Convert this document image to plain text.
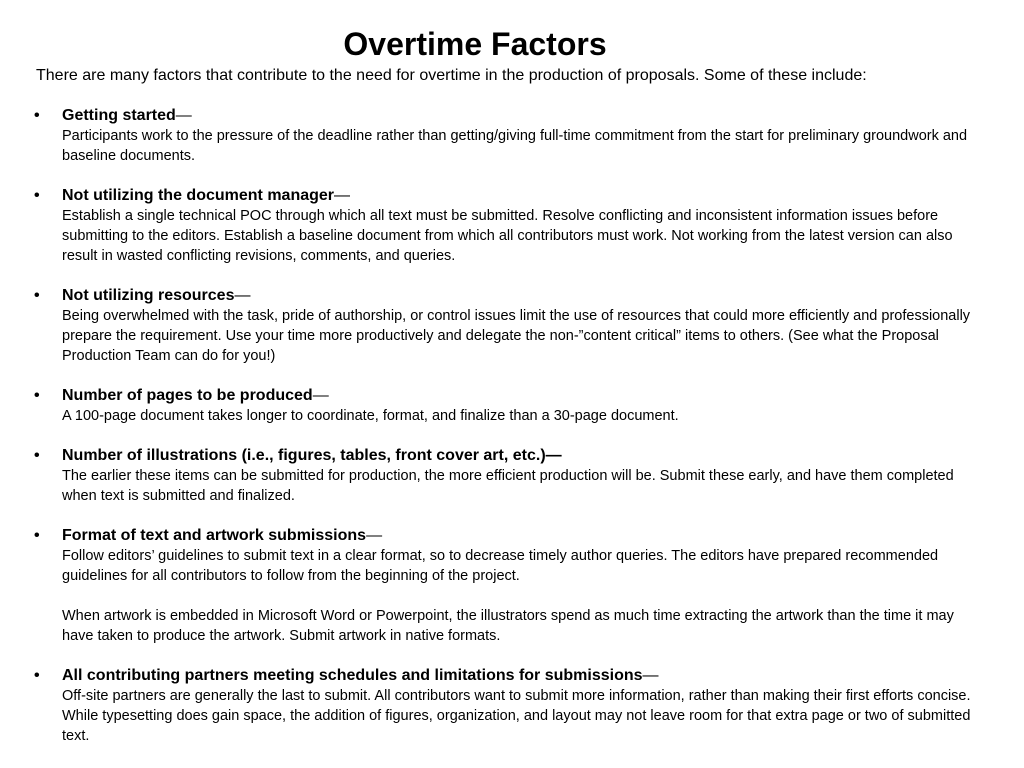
Overtime Factors
There are many factors that contribute to the need for overtime in the production of proposals. Some of these include:
• Getting started—

Participants work to the pressure of the deadline rather than getting/giving full-time commitment from the start for preliminary groundwork and baseline documents.

• Not utilizing the document manager—

Establish a single technical POC through which all text must be submitted. Resolve conflicting and inconsistent information issues before submitting to the editors. Establish a baseline document from which all contributors must work. Not working from the latest version can also result in wasted conflicting revisions, comments, and queries.

• Not utilizing resources—

Being overwhelmed with the task, pride of authorship, or control issues limit the use of resources that could more efficiently and professionally prepare the requirement. Use your time more productively and delegate the non-”content critical” items to others. (See what the Proposal Production Team can do for you!)

• Number of pages to be produced—

A 100-page document takes longer to coordinate, format, and finalize than a 30-page document.

• Number of illustrations (i.e., figures, tables, front cover art, etc.)—

The earlier these items can be submitted for production, the more efficient production will be. Submit these early, and have them completed when text is submitted and finalized.

• Format of text and artwork submissions—

Follow editors’ guidelines to submit text in a clear format, so to decrease timely author queries. The editors have prepared recommended guidelines for all contributors to follow from the beginning of the project.

When artwork is embedded in Microsoft Word or Powerpoint, the illustrators spend as much time extracting the artwork than the time it may have taken to produce the artwork. Submit artwork in native formats.

• All contributing partners meeting schedules and limitations for submissions—

Off-site partners are generally the last to submit. All contributors want to submit more information, rather than making their first efforts concise. While typesetting does gain space, the addition of figures, organization, and layout may not leave room for that extra page or two of submitted text.
